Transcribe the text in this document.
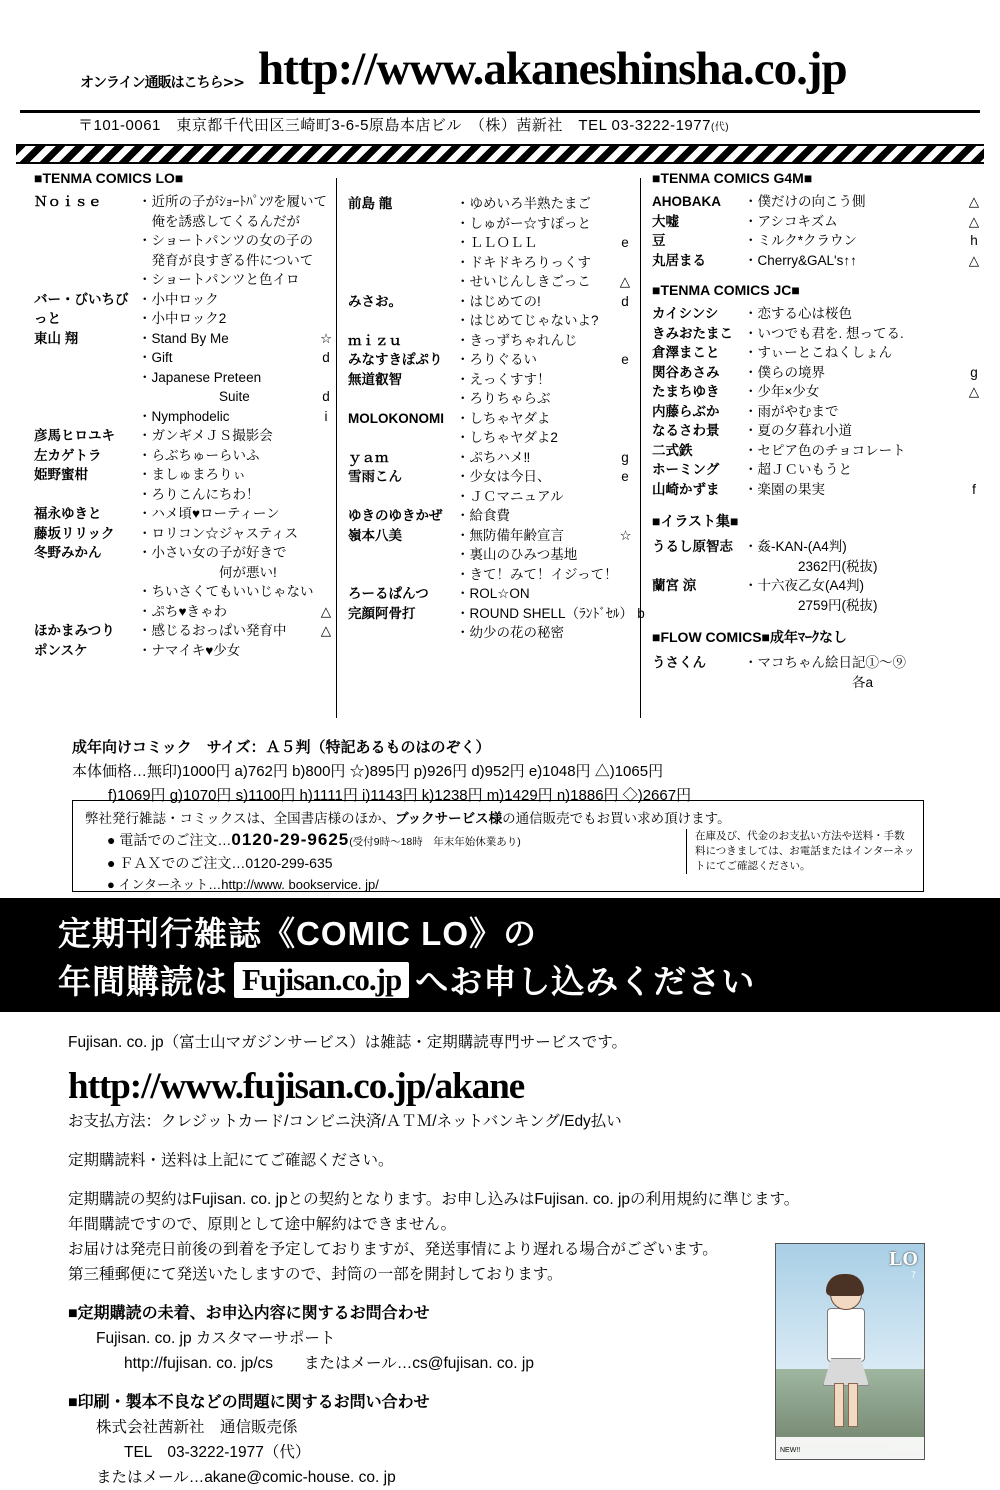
オンライン通販はこちら>> http://www.akaneshinsha.co.jp
〒101-0061　東京都千代田区三崎町3-6-5原島本店ビル　（株）茜新社　TEL 03-3222-1977(代)
■TENMA COMICS LO■
Ｎｏｉｓｅ	・近所の子がｼｮｰﾄﾊﾟﾝﾂを履いて
　俺を誘惑してくるんだが
・ショートパンツの女の子の
　発育が良すぎる件について
・ショートパンツと色イロ
バー・びいちびっと
・小中ロック
・小中ロック2
東山 翔	・Stand By Me	☆
・Gift	d
・Japanese Preteen
　　　　　　Suite	d
・Nymphodelic	i
彦馬ヒロユキ	・ガンギメＪＳ撮影会
左カゲトラ	・らぶちゅーらいふ
姫野蜜柑	・ましゅまろりぃ
・ろりこんにちわ！
福永ゆきと	・ハメ頃♥ローティーン
藤坂リリック	・ロリコン☆ジャスティス
冬野みかん	・小さい女の子が好きで
　　　　　　何が悪い!
・ちいさくてもいいじゃない
・ぷち♥きゃわ	△
ほかまみつり	・感じるおっぱい発育中	△
ポンスケ	・ナマイキ♥少女
前島 龍	・ゆめいろ半熟たまご
・しゅがー☆すぽっと
・ＬＬＯＬＬ	e
・ドキドキろりっくす
・せいじんしきごっこ △
みさお。	・はじめての!	d
・はじめてじゃないよ?
ｍｉｚｕ	・きっずちゃれんじ
みなすきぽぷり	・ろりぐるい	e
無道叡智	・えっくすす！
・ろりちゃらぶ
MOLOKONOMI ・しちゃヤダよ
・しちゃヤダよ2
ｙａｍ	・ぷちハメ‼	g
雪雨こん	・少女は今日、	e
・ＪＣマニュアル
ゆきのゆきかぜ	・給食費
嶺本八美	・無防備年齢宣言	☆
・裏山のひみつ基地
・きて！みて！イジって！
ろーるぱんつ	・ROL☆ON
完顔阿骨打	・ROUND SHELL（ﾗﾝﾄﾞｾﾙ） b
・幼少の花の秘密
■TENMA COMICS G4M■
AHOBAKA	・僕だけの向こう側	△
大嘘	・アシコキズム	△
豆	・ミルク*クラウン	h
丸居まる	・Cherry&GAL's↑↑	△
■TENMA COMICS JC■
カイシンシ	・恋する心は桜色
きみおたまこ ・いつでも君を. 想ってる.
倉澤まこと	・すぃーとこねくしょん
関谷あさみ	・僕らの境界	g
たまちゆき	・少年×少女	△
内藤らぶか	・雨がやむまで
なるさわ景	・夏の夕暮れ小道
二式鉄	・セピア色のチョコレート
ホーミング	・超ＪＣいもうと
山崎かずま	・楽園の果実	f
■イラスト集■
うるし原智志 ・姦-KAN-(A4判)
　　　　2362円(税抜)
蘭宮 涼	・十六夜乙女(A4判)
　　　　2759円(税抜)
■FLOW COMICS■成年ﾏｰｸなし
うさくん	・マコちゃん絵日記①〜⑨
　　　　　　　　各a
成年向けコミック　サイズ：Ａ５判（特記あるものはのぞく）
本体価格…無印)1000円 a)762円 b)800円 ☆)895円 p)926円 d)952円 e)1048円 △)1065円
f)1069円 g)1070円 s)1100円 h)1111円 i)1143円 k)1238円 m)1429円 n)1886円 ◇)2667円
弊社発行雑誌・コミックスは、全国書店様のほか、ブックサービス様の通信販売でもお買い求め頂けます。
● 電話でのご注文…0120-29-9625(受付9時〜18時　年末年始休業あり)
● ＦＡＸでのご注文…0120-299-635
● インターネット…http://www. bookservice. jp/
在庫及び、代金のお支払い方法や送料・手数料につきましては、お電話またはインターネットにてご確認ください。
定期刊行雑誌《COMIC LO》の
年間購読は Fujisan.co.jp へお申し込みください
Fujisan. co. jp（富士山マガジンサービス）は雑誌・定期購読専門サービスです。
http://www.fujisan.co.jp/akane
お支払方法：クレジットカード/コンビニ決済/ＡＴＭ/ネットバンキング/Edy払い
定期購読料・送料は上記にてご確認ください。
定期購読の契約はFujisan. co. jpとの契約となります。お申し込みはFujisan. co. jpの利用規約に準じます。
年間購読ですので、原則として途中解約はできません。
お届けは発売日前後の到着を予定しておりますが、発送事情により遅れる場合がございます。
第三種郵便にて発送いたしますので、封筒の一部を開封しております。
■定期購読の未着、お申込内容に関するお問合わせ
Fujisan. co. jp カスタマーサポート
http://fujisan. co. jp/cs　　またはメール…cs@fujisan. co. jp
■印刷・製本不良などの問題に関するお問い合わせ
株式会社茜新社　通信販売係
TEL　03-3222-1977（代）
またはメール…akane@comic-house. co. jp
LO
7
NEW!!
